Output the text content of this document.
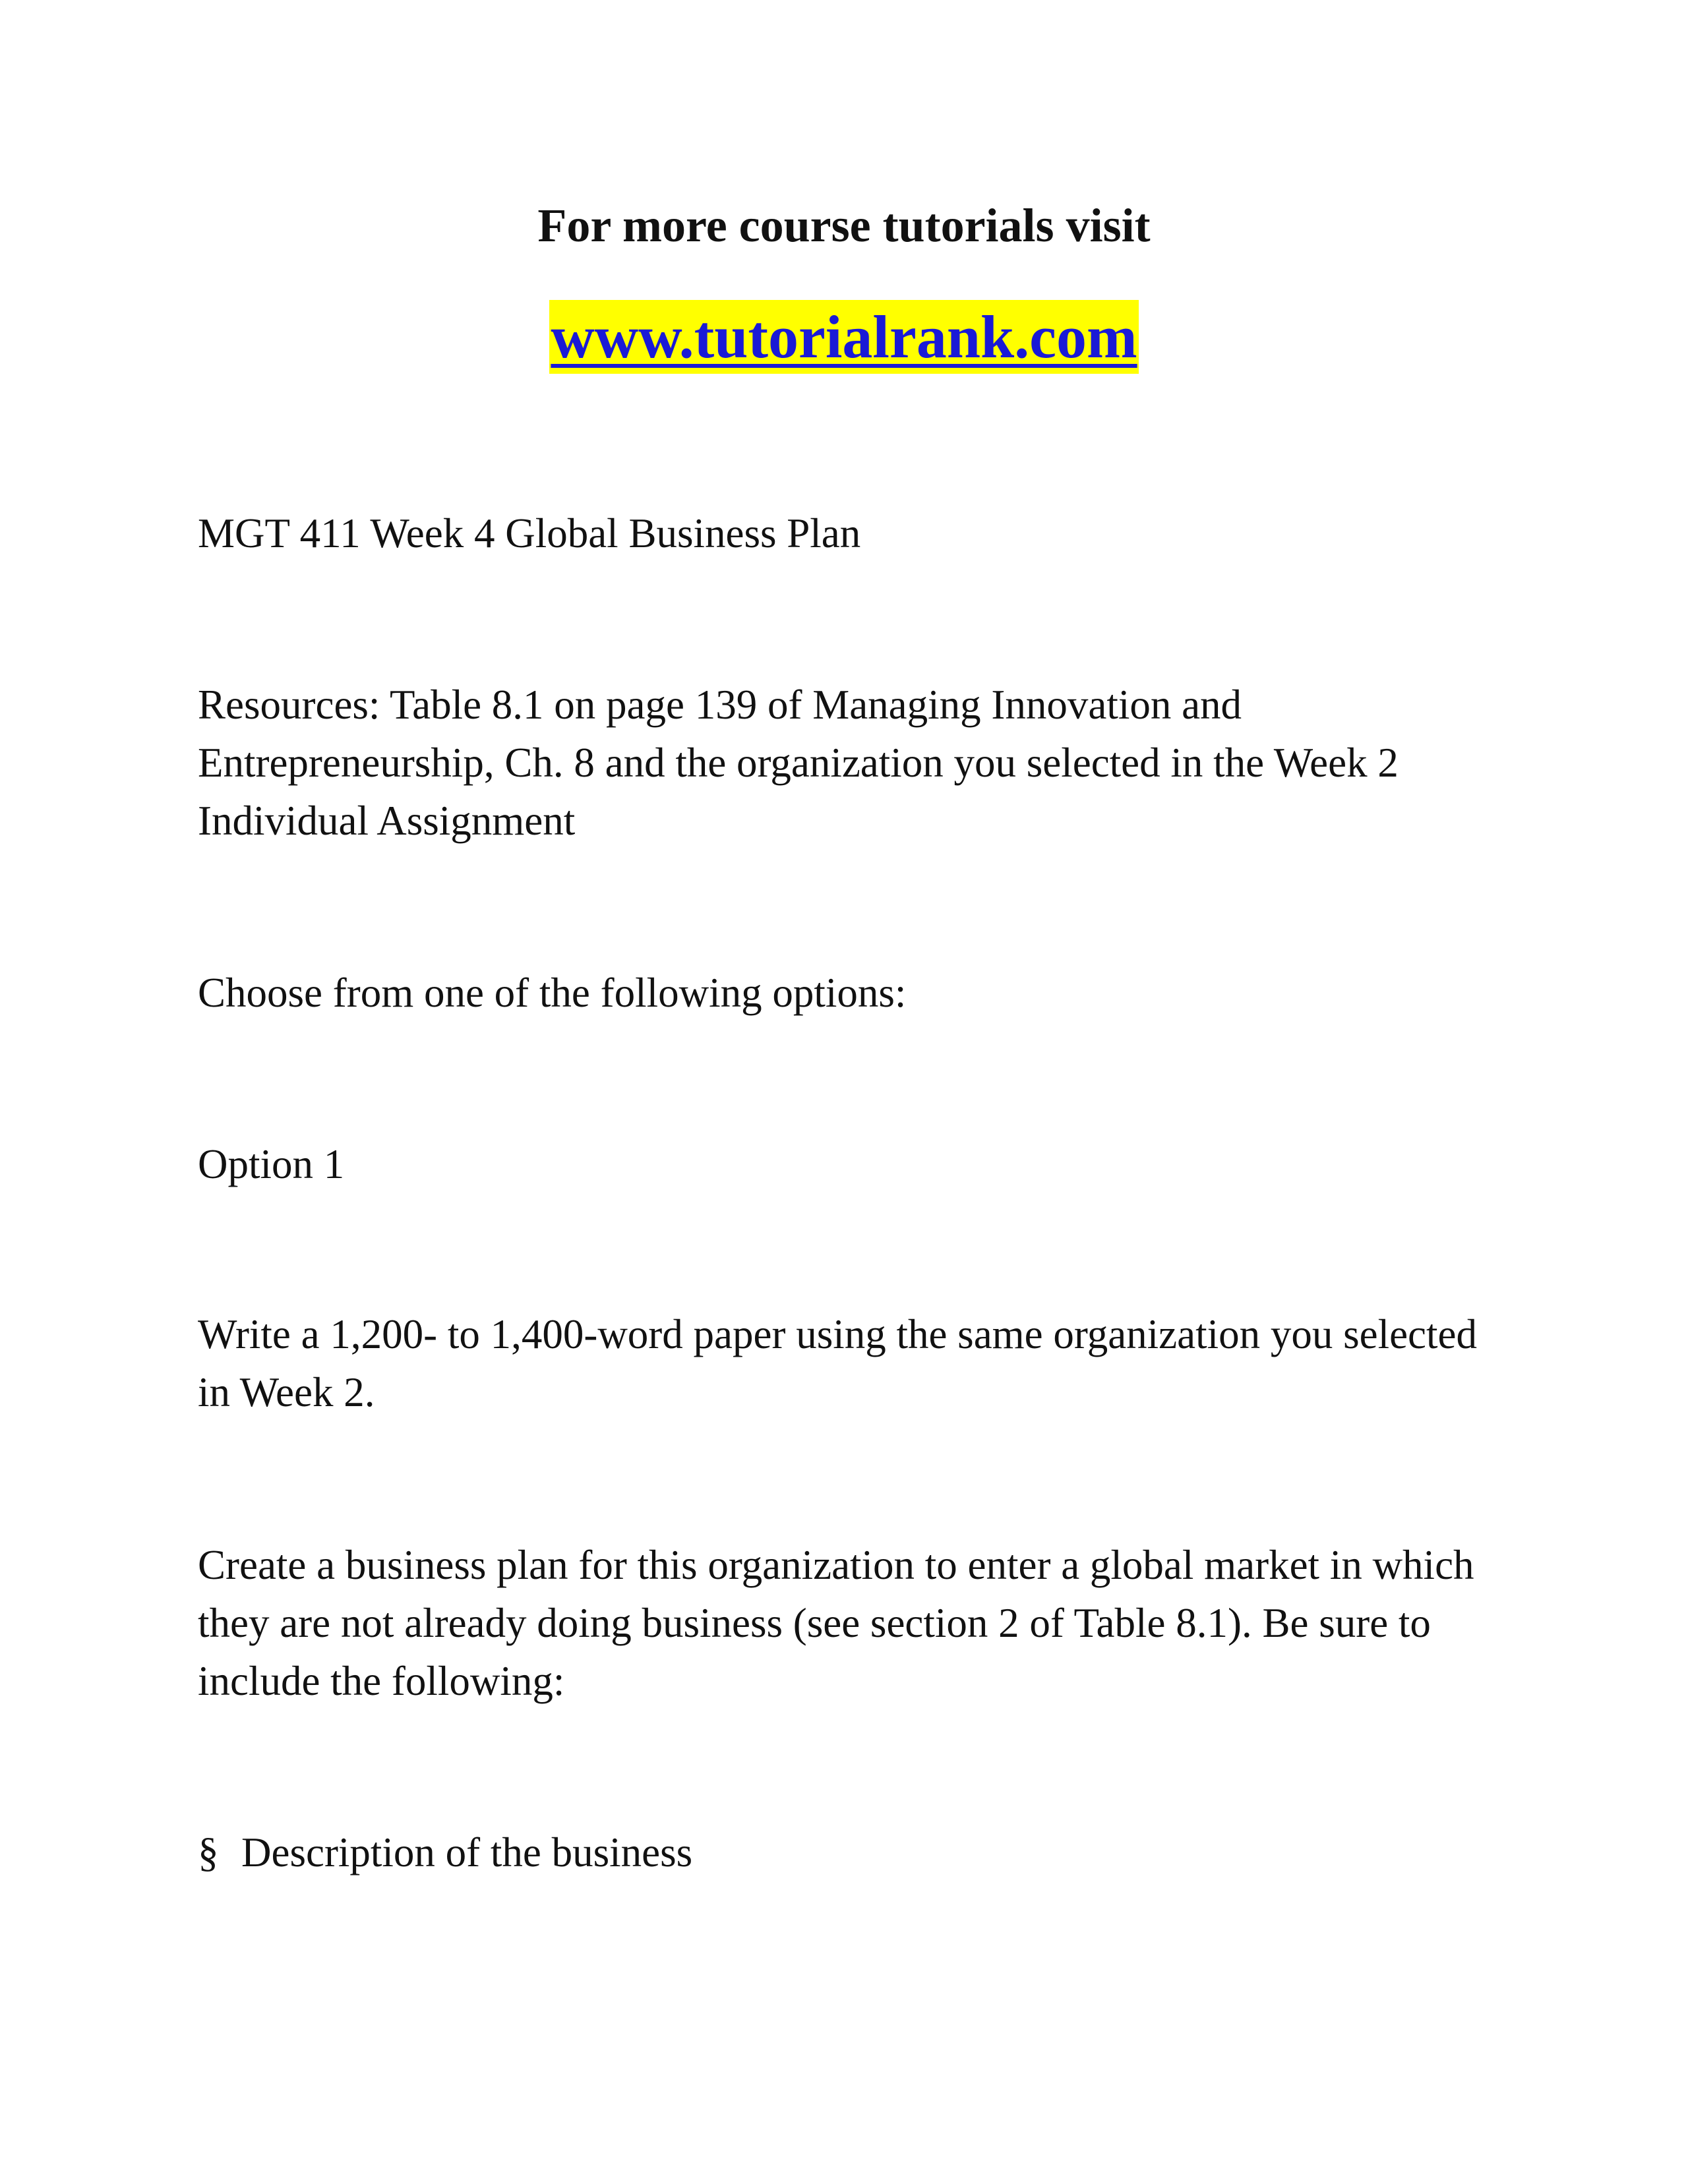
For more course tutorials visit
www.tutorialrank.com

MGT 411 Week 4 Global Business Plan

Resources: Table 8.1 on page 139 of Managing Innovation and Entrepreneurship, Ch. 8 and the organization you selected in the Week 2 Individual Assignment

Choose from one of the following options:

Option 1

Write a 1,200- to 1,400-word paper using the same organization you selected in Week 2.

Create a business plan for this organization to enter a global market in which they are not already doing business (see section 2 of Table 8.1). Be sure to include the following:

§ Description of the business
